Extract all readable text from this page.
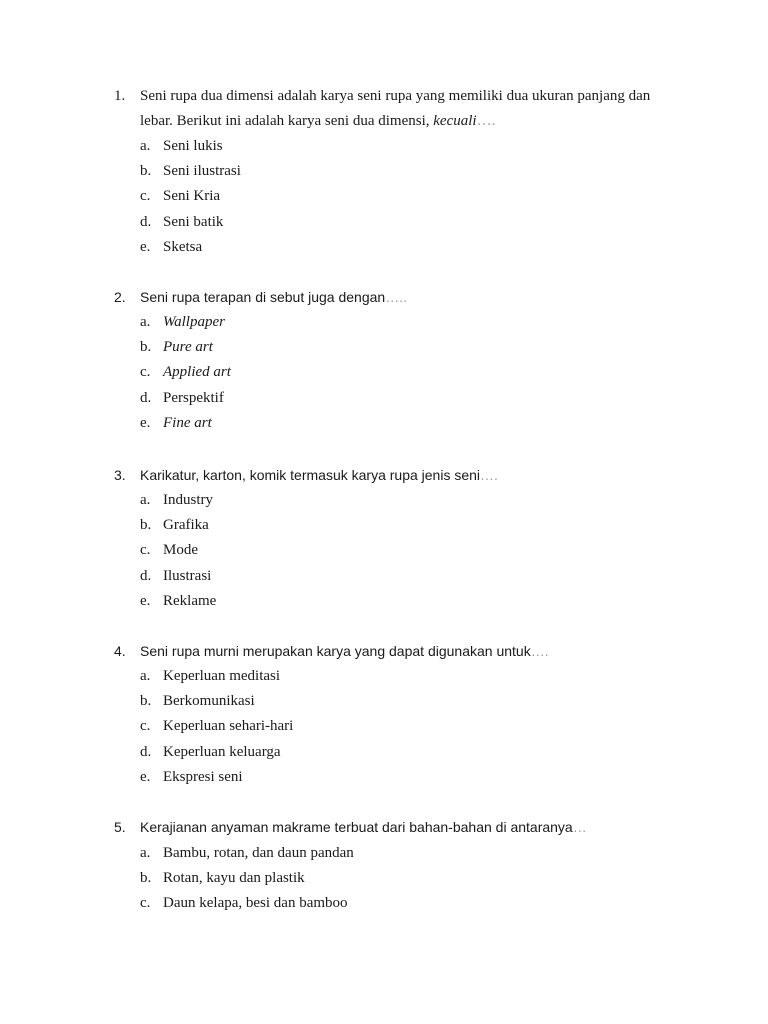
1. Seni rupa dua dimensi adalah karya seni rupa yang memiliki dua ukuran panjang dan
lebar. Berikut ini adalah karya seni dua dimensi, kecuali….
a. Seni lukis
b. Seni ilustrasi
c. Seni Kria
d. Seni batik
e. Sketsa
2. Seni rupa terapan di sebut juga dengan…..
a. Wallpaper
b. Pure art
c. Applied art
d. Perspektif
e. Fine art
3. Karikatur, karton, komik termasuk karya rupa jenis seni….
a. Industry
b. Grafika
c. Mode
d. Ilustrasi
e. Reklame
4. Seni rupa murni merupakan karya yang dapat digunakan untuk….
a. Keperluan meditasi
b. Berkomunikasi
c. Keperluan sehari-hari
d. Keperluan keluarga
e. Ekspresi seni
5. Kerajianan anyaman makrame terbuat dari bahan-bahan di antaranya…
a. Bambu, rotan, dan daun pandan
b. Rotan, kayu dan plastik
c. Daun kelapa, besi dan bamboo
